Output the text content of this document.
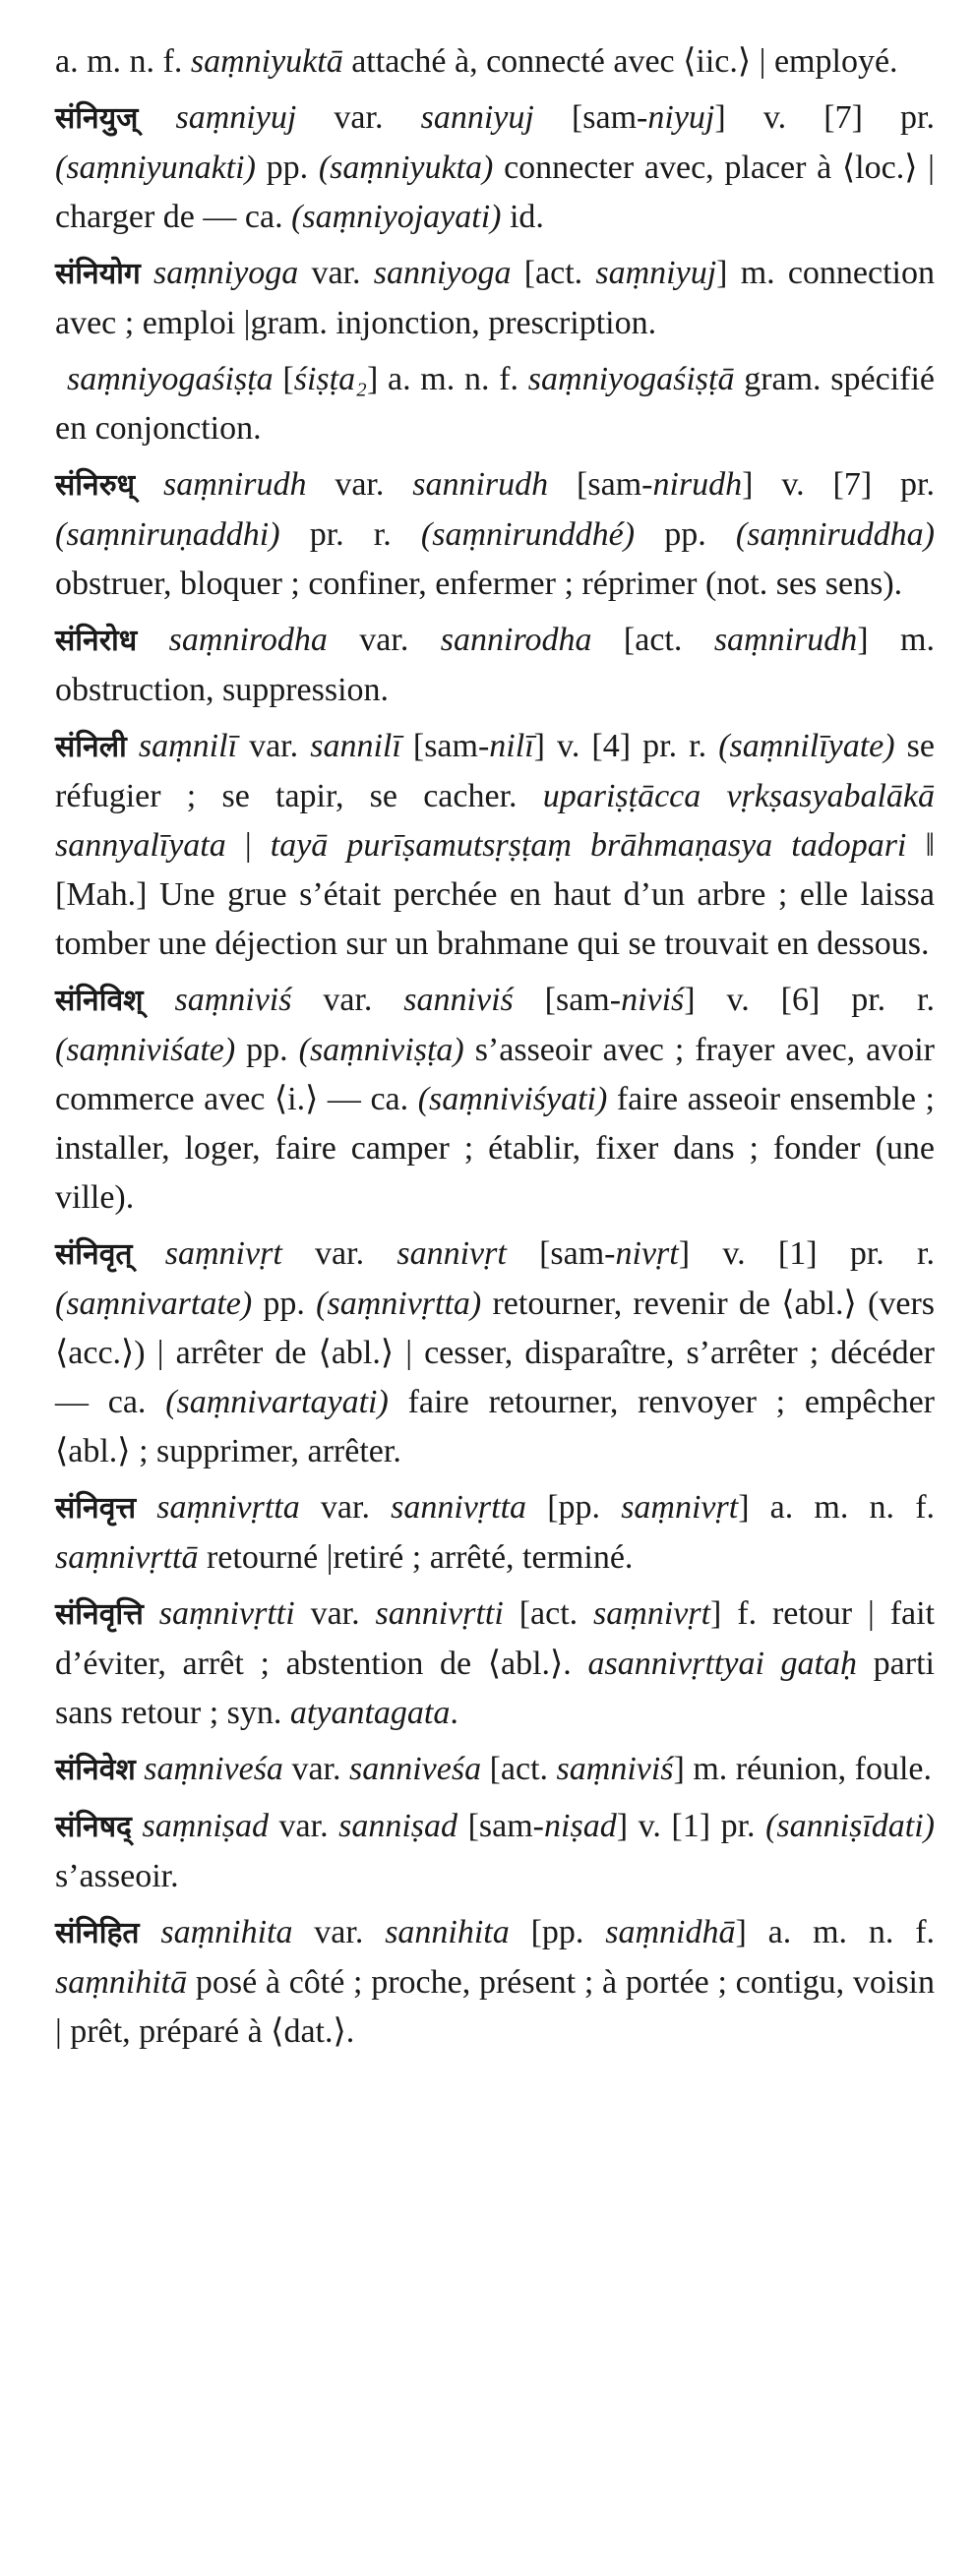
a. m. n. f. saṃniyuktā attaché à, connecté avec ⟨iic.⟩ | employé.

संनियुज् saṃniyuj var. sanniyuj [sam-niyuj] v. [7] pr. (saṃniyunakti) pp. (saṃniyukta) connecter avec, placer à ⟨loc.⟩ | charger de — ca. (saṃniyojayati) id.

संनियोग saṃniyoga var. sanniyoga [act. saṃniyuj] m. connection avec ; emploi |gram. injonction, prescription.

saṃniyogaśiṣṭa [śiṣṭa₂] a. m. n. f. saṃniyogaśiṣṭā gram. spécifié en conjonction.

संनिरुध् saṃnirudh var. sannirudh [sam-nirudh] v. [7] pr. (saṃniruṇaddhi) pr. r. (saṃnirunddhé) pp. (saṃniruddha) obstruer, bloquer ; confiner, enfermer ; réprimer (not. ses sens).

संनिरोध saṃnirodha var. sannirodha [act. saṃnirudh] m. obstruction, suppression.

संनिली saṃnilī var. sannilī [sam-nilī] v. [4] pr. r. (saṃnilīyate) se réfugier ; se tapir, se cacher. upariṣṭācca vṛkṣasyabalākā sannyalīyata | tayā purīṣamutsṛṣṭaṃ brāhmaṇasya tadopari ‖ [Mah.] Une grue s’était perchée en haut d’un arbre ; elle laissa tomber une déjection sur un brahmane qui se trouvait en dessous.

संनिविश् saṃniviś var. sanniviś [sam-niviś] v. [6] pr. r. (saṃniviśate) pp. (saṃniviṣṭa) s’asseoir avec ; frayer avec, avoir commerce avec ⟨i.⟩ — ca. (saṃniviśyati) faire asseoir ensemble ; installer, loger, faire camper ; établir, fixer dans ; fonder (une ville).

संनिवृत् saṃnivṛt var. sannivṛt [sam-nivṛt] v. [1] pr. r. (saṃnivartate) pp. (saṃnivṛtta) retourner, revenir de ⟨abl.⟩ (vers ⟨acc.⟩) | arrêter de ⟨abl.⟩ | cesser, disparaître, s’arrêter ; décéder — ca. (saṃnivartayati) faire retourner, renvoyer ; empêcher ⟨abl.⟩ ; supprimer, arrêter.

संनिवृत्त saṃnivṛtta var. sannivṛtta [pp. saṃnivṛt] a. m. n. f. saṃnivṛttā retourné |retiré ; arrêté, terminé.

संनिवृत्ति saṃnivṛtti var. sannivṛtti [act. saṃnivṛt] f. retour | fait d’éviter, arrêt ; abstention de ⟨abl.⟩. asannivṛttyai gataḥ parti sans retour ; syn. atyantagata.

संनिवेश saṃniveśa var. sanniveśa [act. saṃniviś] m. réunion, foule.

संनिषद् saṃniṣad var. sanniṣad [sam-niṣad] v. [1] pr. (sanniṣīdati) s’asseoir.

संनिहित saṃnihita var. sannihita [pp. saṃnidhā] a. m. n. f. saṃnihitā posé à côté ; proche, présent ; à portée ; contigu, voisin | prêt, préparé à ⟨dat.⟩.
